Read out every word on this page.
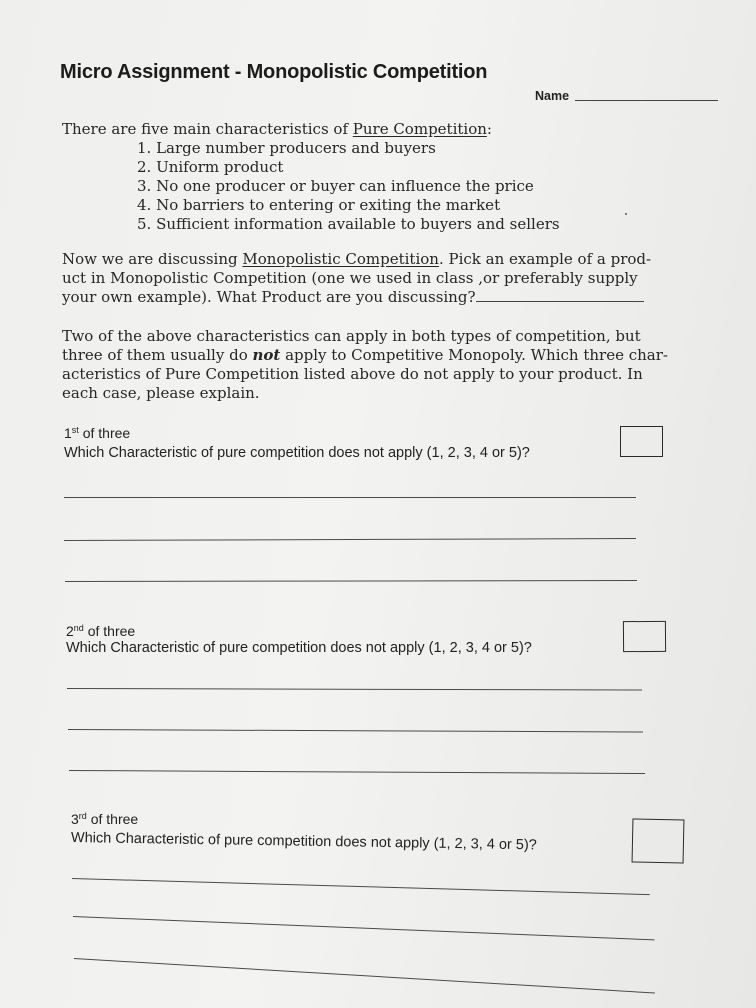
Micro Assignment - Monopolistic Competition
Name
There are five main characteristics of Pure Competition:
1. Large number producers and buyers
2. Uniform product
3. No one producer or buyer can influence the price
4. No barriers to entering or exiting the market
5. Sufficient information available to buyers and sellers
Now we are discussing Monopolistic Competition. Pick an example of a prod-
uct in Monopolistic Competition (one we used in class ,or preferably supply
your own example). What Product are you discussing?
Two of the above characteristics can apply in both types of competition, but
three of them usually do not apply to Competitive Monopoly. Which three char-
acteristics of Pure Competition listed above do not apply to your product. In
each case, please explain.
1st of three
Which Characteristic of pure competition does not apply (1, 2, 3, 4 or 5)?
2nd of three
Which Characteristic of pure competition does not apply (1, 2, 3, 4 or 5)?
3rd of three
Which Characteristic of pure competition does not apply (1, 2, 3, 4 or 5)?
